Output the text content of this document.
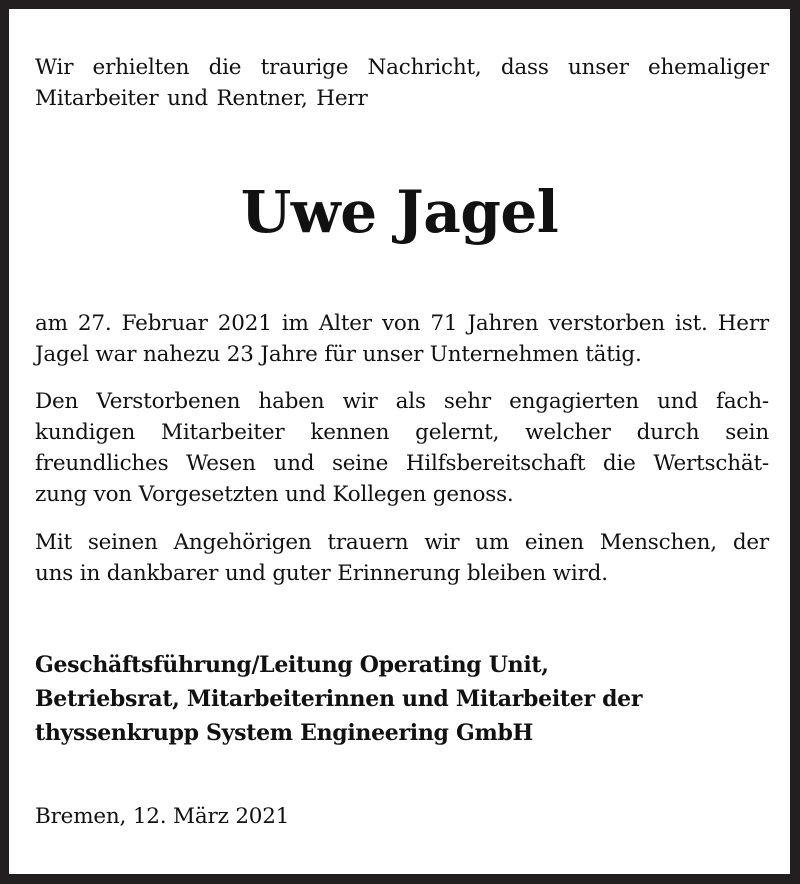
Wir erhielten die traurige Nachricht, dass unser ehemaliger
Mitarbeiter und Rentner, Herr

Uwe Jagel

am 27. Februar 2021 im Alter von 71 Jahren verstorben ist. Herr
Jagel war nahezu 23 Jahre für unser Unternehmen tätig.

Den Verstorbenen haben wir als sehr engagierten und fach-
kundigen Mitarbeiter kennen gelernt, welcher durch sein
freundliches Wesen und seine Hilfsbereitschaft die Wertschät-
zung von Vorgesetzten und Kollegen genoss.

Mit seinen Angehörigen trauern wir um einen Menschen, der
uns in dankbarer und guter Erinnerung bleiben wird.

Geschäftsführung/Leitung Operating Unit,
Betriebsrat, Mitarbeiterinnen und Mitarbeiter der
thyssenkrupp System Engineering GmbH

Bremen, 12. März 2021
